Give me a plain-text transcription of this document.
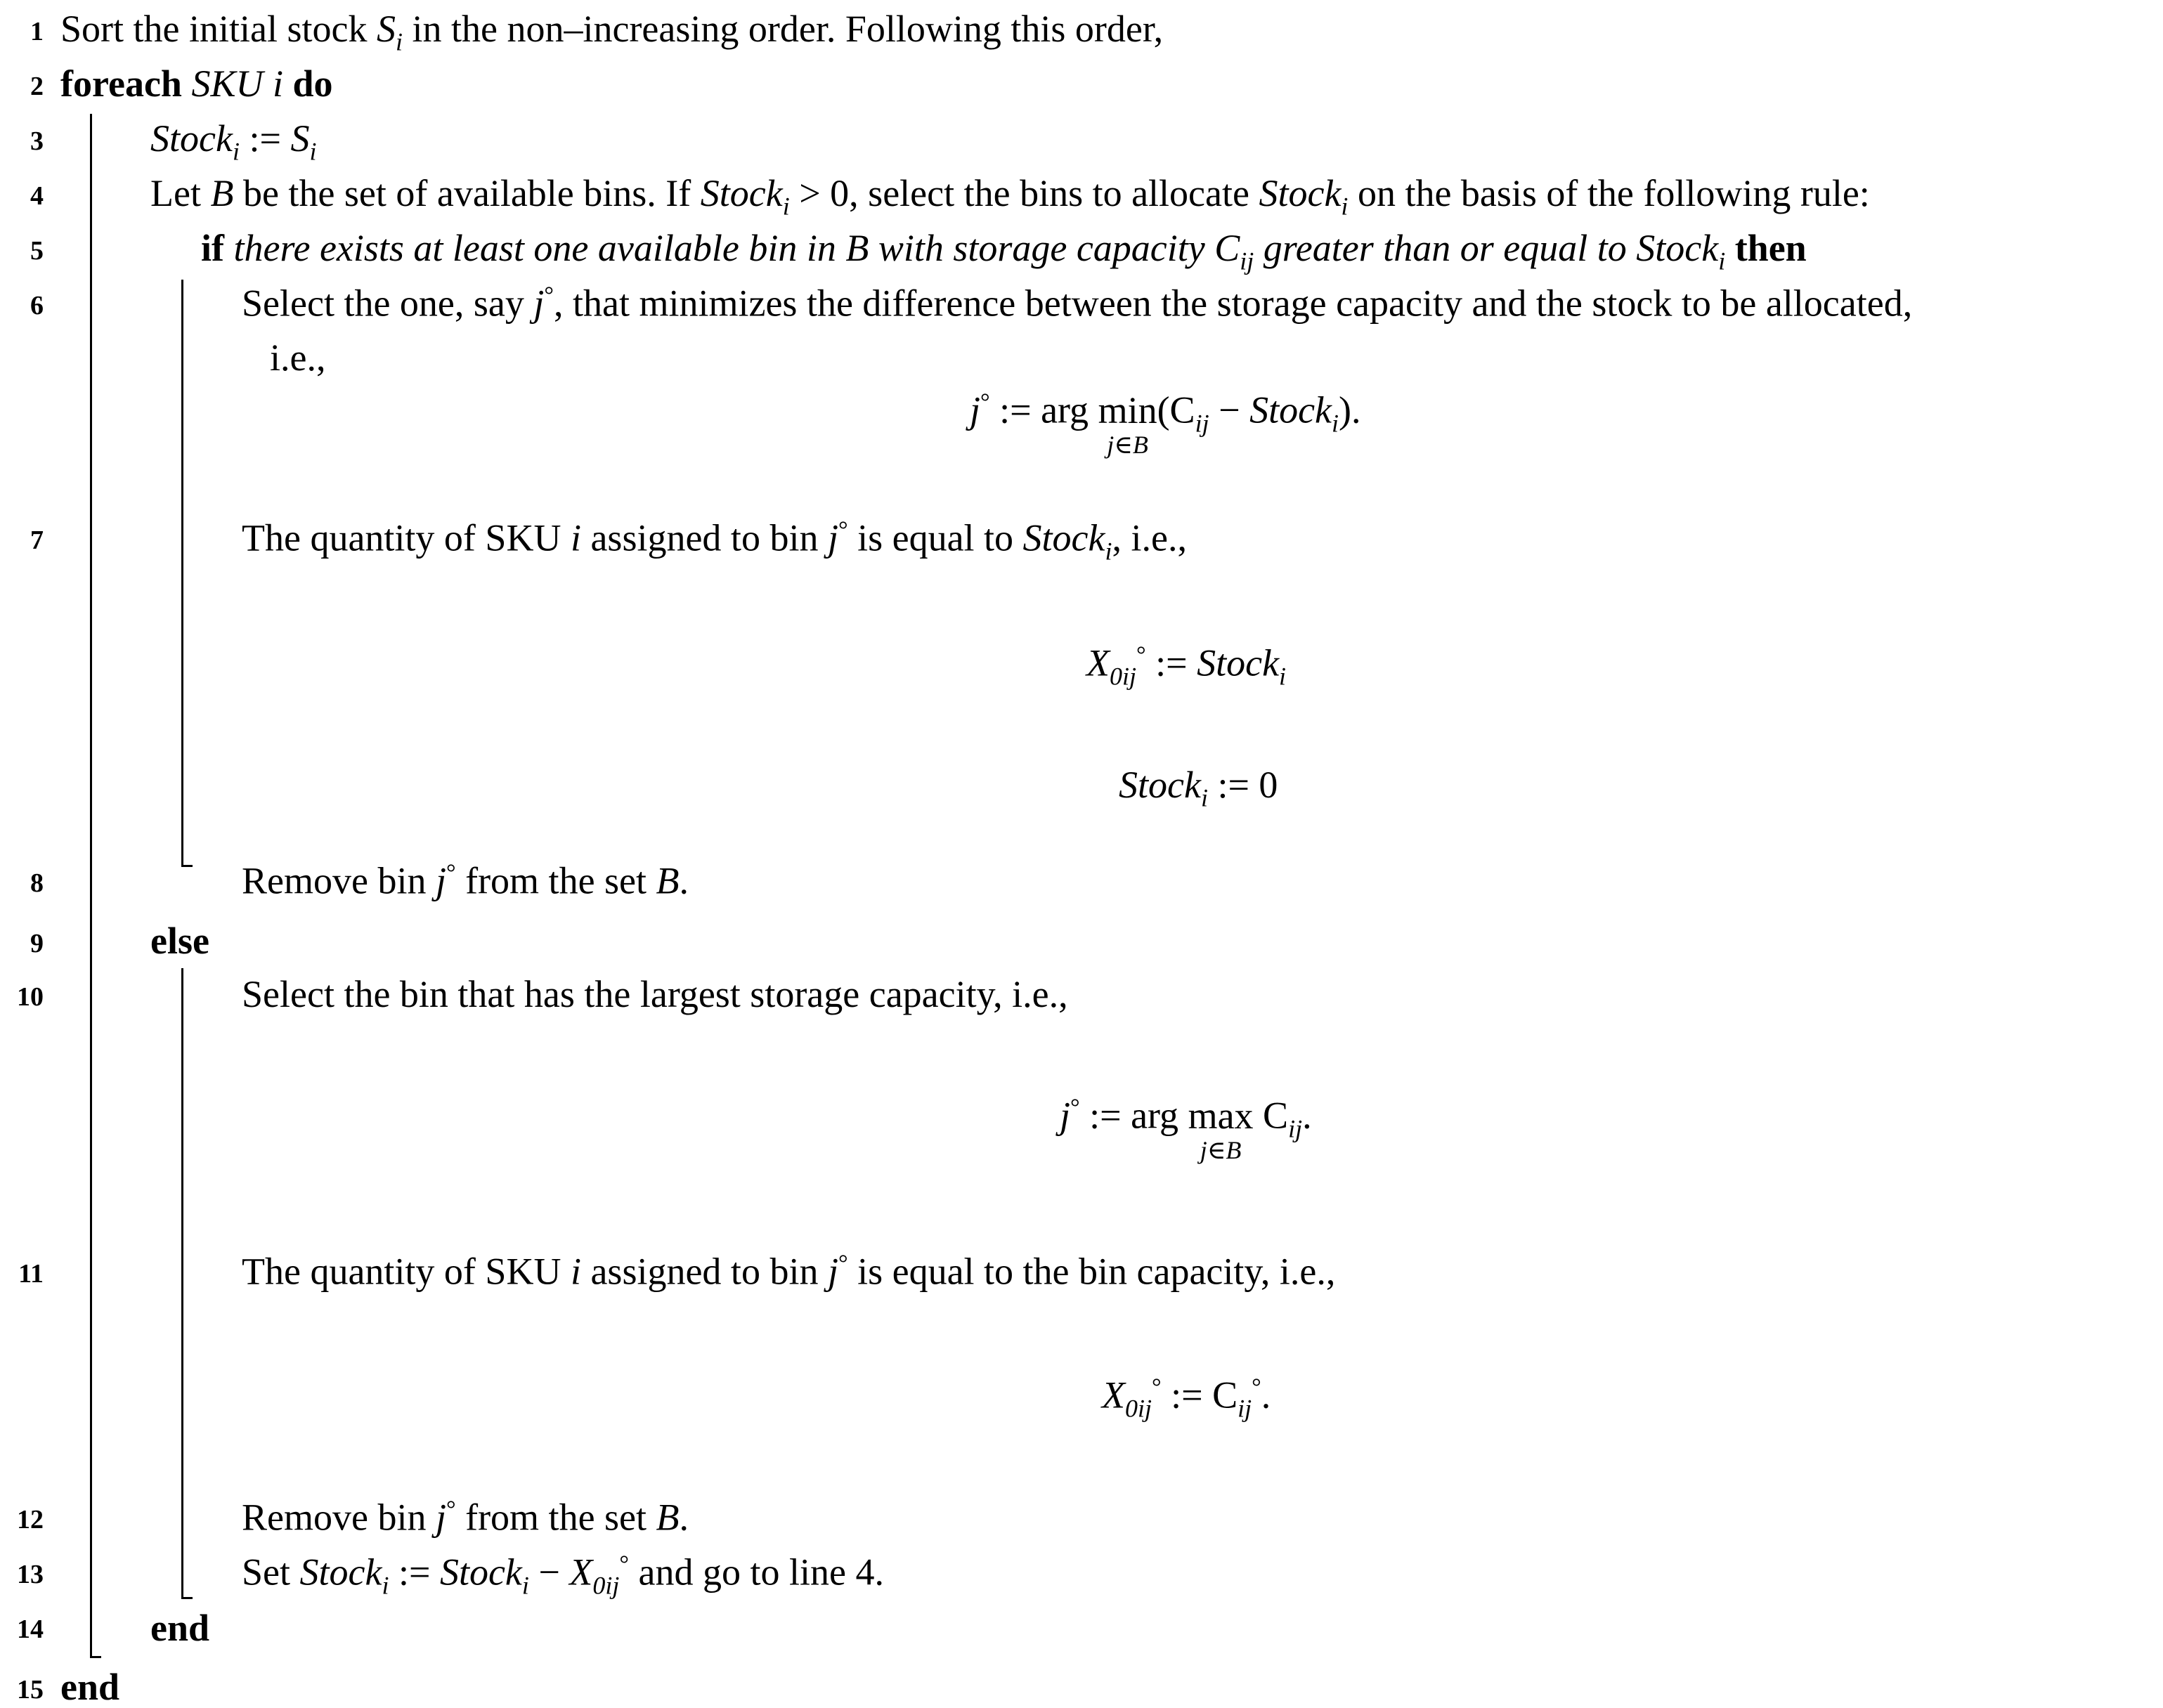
1
2
3
4
5
6
7
8
9
10
11
12
13
14
15
Sort the initial stock $S_i$ in the non–increasing order. Following this order,
foreach SKU i do
Stock$_i$ := $S_i$
Let B be the set of available bins. If Stock$_i$ > 0, select the bins to allocate Stock$_i$ on the basis of the following rule:
if there exists at least one available bin in B with storage capacity $C_{ij}$ greater than or equal to Stock$_i$ then
Select the one, say j°, that minimizes the difference between the storage capacity and the stock to be allocated,
i.e.,
j° := arg min
j∈B
($C_{ij}$ − Stock$_i$).
The quantity of SKU i assigned to bin j° is equal to Stock$_i$, i.e.,
$X_{0ij}^\circ$ := Stock$_i$
Stock$_i$ := 0
Remove bin j° from the set B.
else
Select the bin that has the largest storage capacity, i.e.,
j° := arg max
j∈B
$C_{ij}$.
The quantity of SKU i assigned to bin j° is equal to the bin capacity, i.e.,
$X_{0ij}^\circ$ := $C_{ij}^\circ$.
Remove bin j° from the set B.
Set Stock$_i$ := Stock$_i$ − $X_{0ij}^\circ$ and go to line 4.
end
end
